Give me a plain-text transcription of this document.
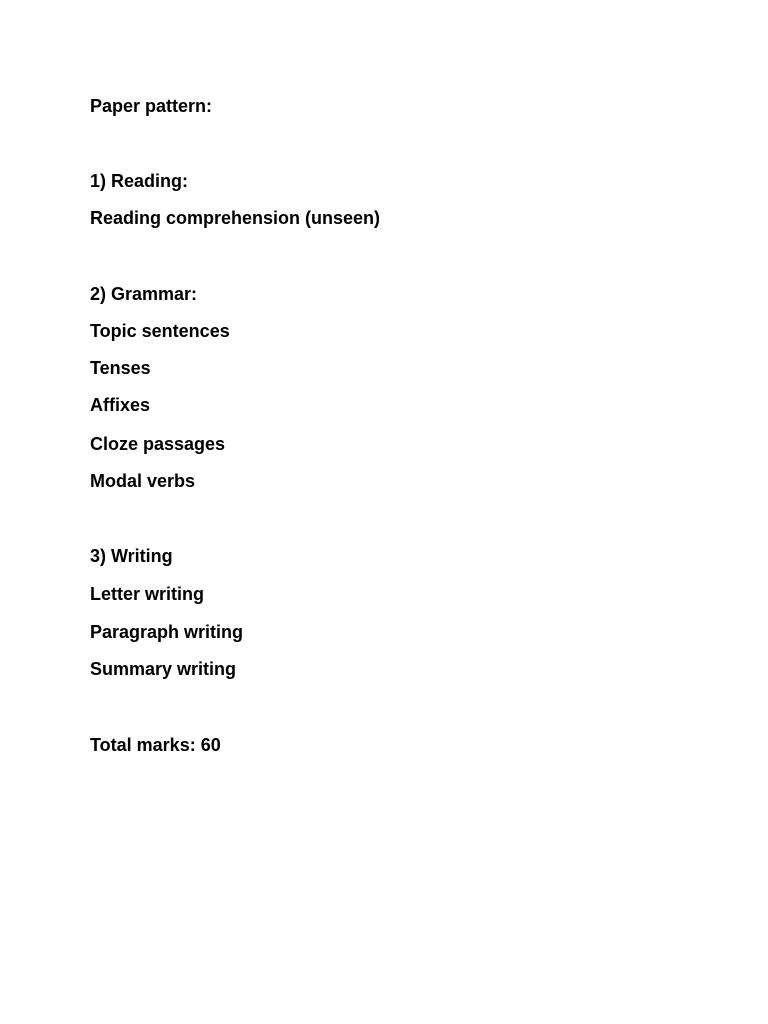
Paper pattern:
1) Reading:
Reading comprehension (unseen)
2) Grammar:
Topic sentences
Tenses
Affixes
Cloze passages
Modal verbs
3) Writing
Letter writing
Paragraph writing
Summary writing
Total marks: 60
